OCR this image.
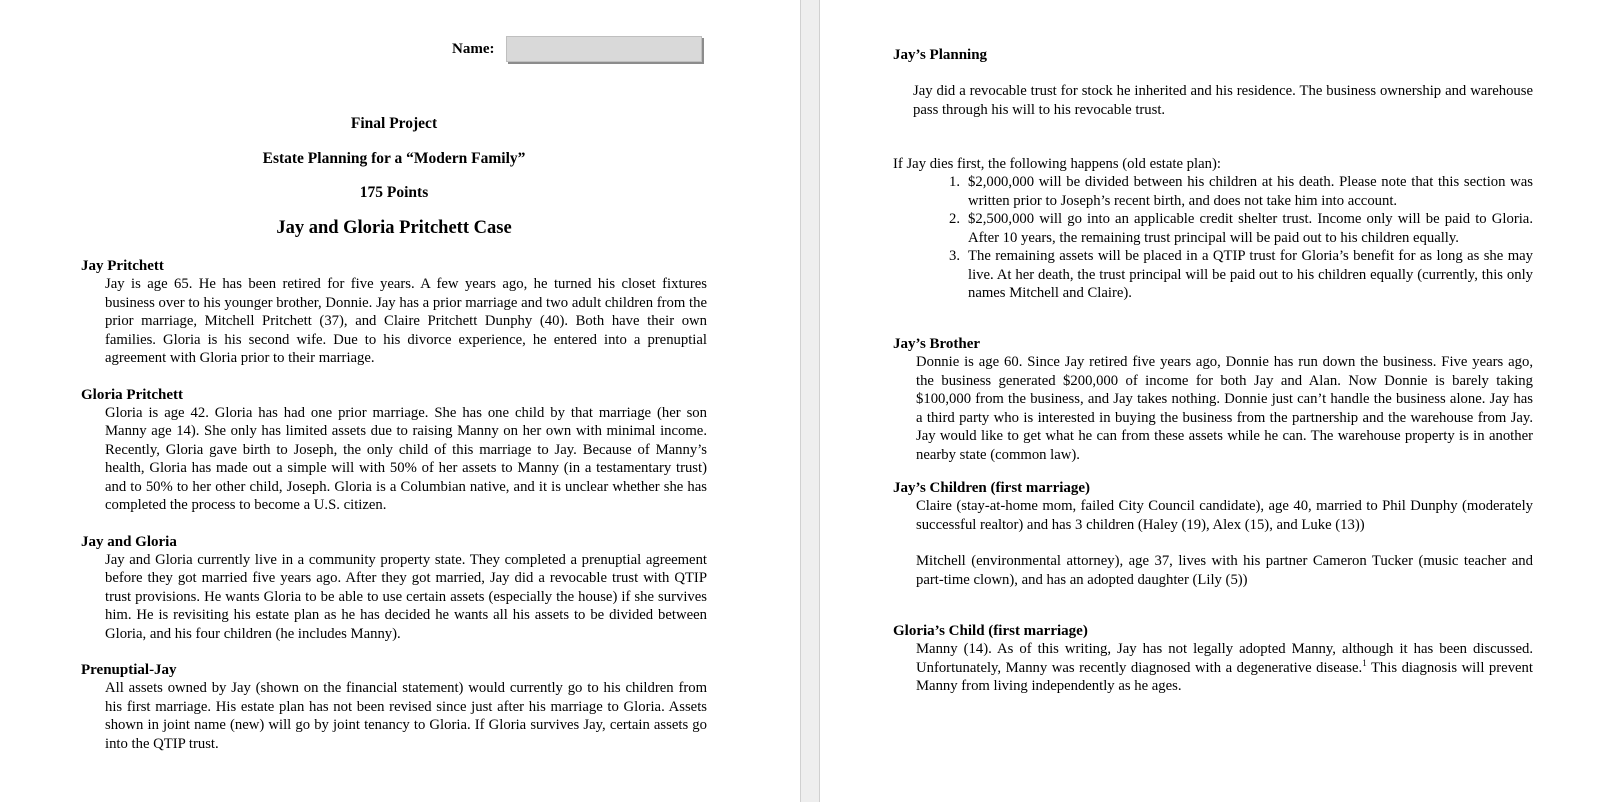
Name:
Final Project
Estate Planning for a “Modern Family”
175 Points
Jay and Gloria Pritchett Case
Jay Pritchett
Jay is age 65. He has been retired for five years. A few years ago, he turned his closet fixtures business over to his younger brother, Donnie. Jay has a prior marriage and two adult children from the prior marriage, Mitchell Pritchett (37), and Claire Pritchett Dunphy (40). Both have their own families. Gloria is his second wife. Due to his divorce experience, he entered into a prenuptial agreement with Gloria prior to their marriage.
Gloria Pritchett
Gloria is age 42. Gloria has had one prior marriage. She has one child by that marriage (her son Manny age 14). She only has limited assets due to raising Manny on her own with minimal income. Recently, Gloria gave birth to Joseph, the only child of this marriage to Jay. Because of Manny’s health, Gloria has made out a simple will with 50% of her assets to Manny (in a testamentary trust) and to 50% to her other child, Joseph. Gloria is a Columbian native, and it is unclear whether she has completed the process to become a U.S. citizen.
Jay and Gloria
Jay and Gloria currently live in a community property state. They completed a prenuptial agreement before they got married five years ago. After they got married, Jay did a revocable trust with QTIP trust provisions. He wants Gloria to be able to use certain assets (especially the house) if she survives him. He is revisiting his estate plan as he has decided he wants all his assets to be divided between Gloria, and his four children (he includes Manny).
Prenuptial-Jay
All assets owned by Jay (shown on the financial statement) would currently go to his children from his first marriage. His estate plan has not been revised since just after his marriage to Gloria. Assets shown in joint name (new) will go by joint tenancy to Gloria. If Gloria survives Jay, certain assets go into the QTIP trust.
Jay’s Planning
Jay did a revocable trust for stock he inherited and his residence. The business ownership and warehouse pass through his will to his revocable trust.
If Jay dies first, the following happens (old estate plan):
1. $2,000,000 will be divided between his children at his death. Please note that this section was written prior to Joseph’s recent birth, and does not take him into account.
2. $2,500,000 will go into an applicable credit shelter trust. Income only will be paid to Gloria. After 10 years, the remaining trust principal will be paid out to his children equally.
3. The remaining assets will be placed in a QTIP trust for Gloria’s benefit for as long as she may live. At her death, the trust principal will be paid out to his children equally (currently, this only names Mitchell and Claire).
Jay’s Brother
Donnie is age 60. Since Jay retired five years ago, Donnie has run down the business. Five years ago, the business generated $200,000 of income for both Jay and Alan. Now Donnie is barely taking $100,000 from the business, and Jay takes nothing. Donnie just can’t handle the business alone. Jay has a third party who is interested in buying the business from the partnership and the warehouse from Jay. Jay would like to get what he can from these assets while he can. The warehouse property is in another nearby state (common law).
Jay’s Children (first marriage)
Claire (stay-at-home mom, failed City Council candidate), age 40, married to Phil Dunphy (moderately successful realtor) and has 3 children (Haley (19), Alex (15), and Luke (13))
Mitchell (environmental attorney), age 37, lives with his partner Cameron Tucker (music teacher and part-time clown), and has an adopted daughter (Lily (5))
Gloria’s Child (first marriage)
Manny (14). As of this writing, Jay has not legally adopted Manny, although it has been discussed. Unfortunately, Manny was recently diagnosed with a degenerative disease.$^1$ This diagnosis will prevent Manny from living independently as he ages.
